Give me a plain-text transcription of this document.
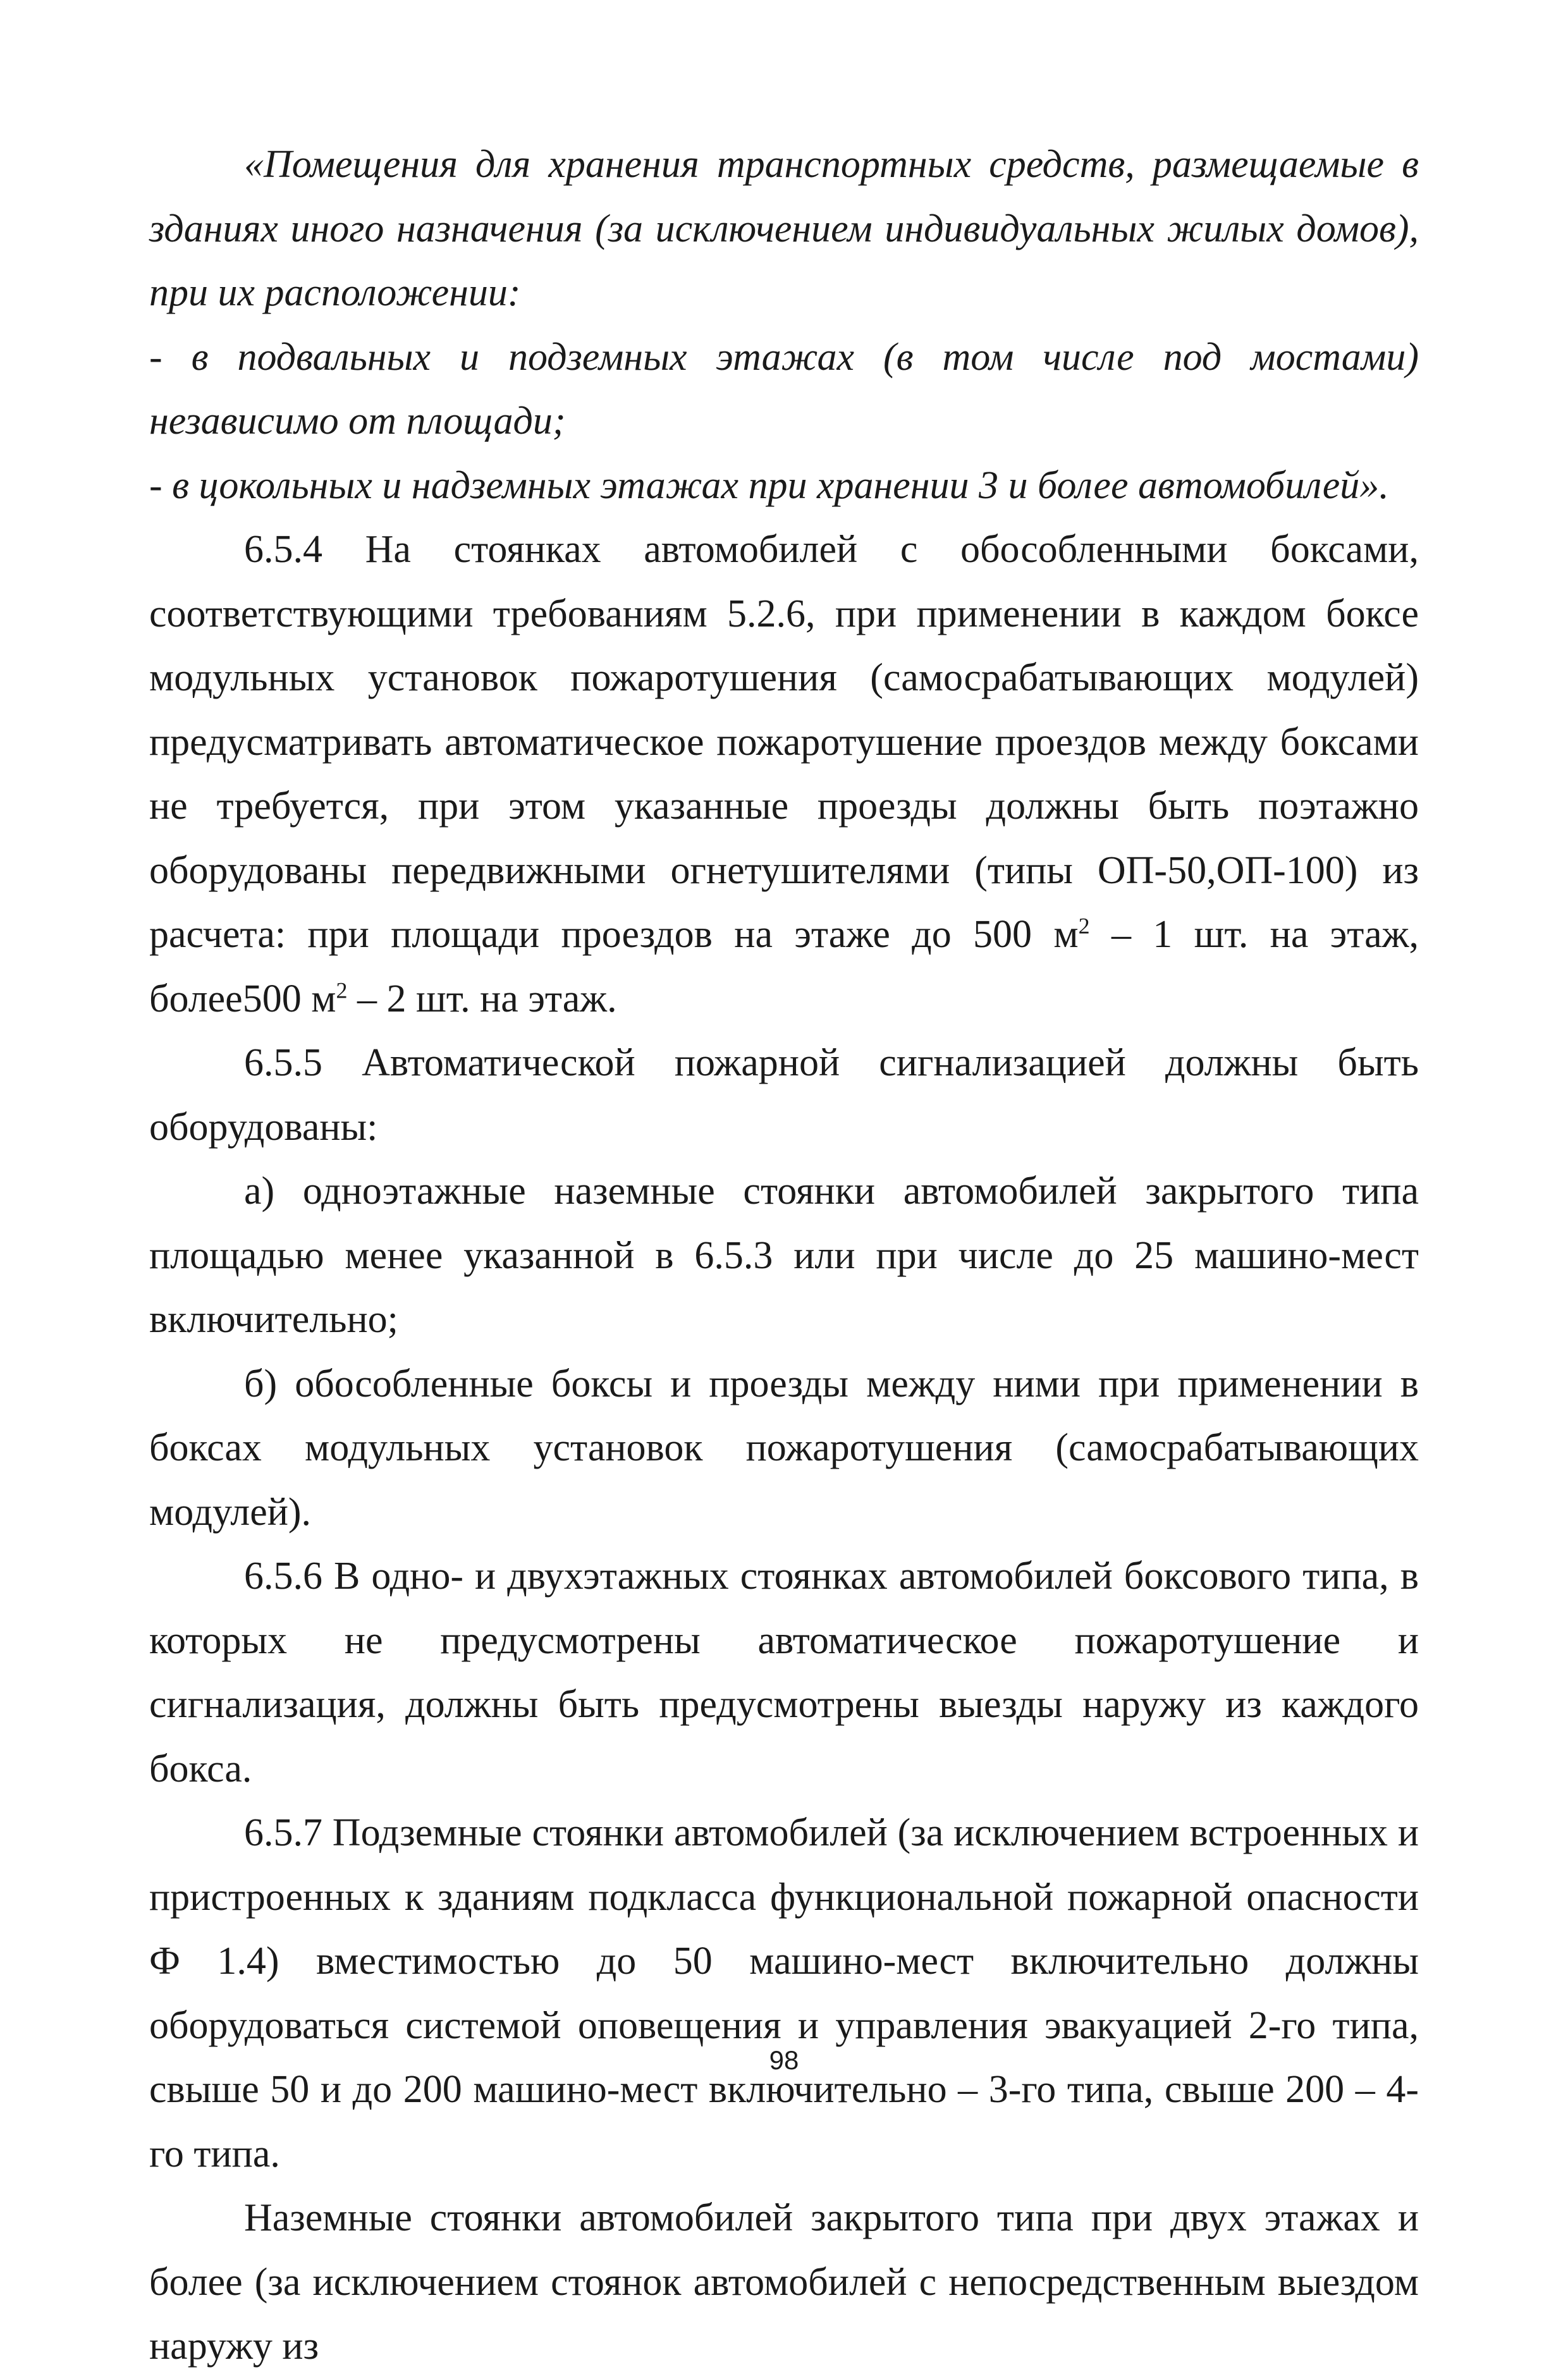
«Помещения для хранения транспортных средств, размещаемые в зданиях иного назначения (за исключением индивидуальных жилых домов), при их расположении:

- в подвальных и подземных этажах (в том числе под мостами) независимо от площади;

- в цокольных и надземных этажах при хранении 3 и более автомобилей».

6.5.4 На стоянках автомобилей с обособленными боксами, соответствующими требованиям 5.2.6, при применении в каждом боксе модульных установок пожаротушения (самосрабатывающих модулей) предусматривать автоматическое пожаротушение проездов между боксами не требуется, при этом указанные проезды должны быть поэтажно оборудованы передвижными огнетушителями (типы ОП-50,ОП-100) из расчета: при площади проездов на этаже до 500 $м^2 - 1$ шт. на этаж, более500 $м^2 - 2$ шт. на этаж.

6.5.5 Автоматической пожарной сигнализацией должны быть оборудованы:

а) одноэтажные наземные стоянки автомобилей закрытого типа площадью менее указанной в 6.5.3 или при числе до 25 машино-мест включительно;

б) обособленные боксы и проезды между ними при применении в боксах модульных установок пожаротушения (самосрабатывающих модулей).

6.5.6 В одно- и двухэтажных стоянках автомобилей боксового типа, в которых не предусмотрены автоматическое пожаротушение и сигнализация, должны быть предусмотрены выезды наружу из каждого бокса.

6.5.7 Подземные стоянки автомобилей (за исключением встроенных и пристроенных к зданиям подкласса функциональной пожарной опасности Ф 1.4) вместимостью до 50 машино-мест включительно должны оборудоваться системой оповещения и управления эвакуацией 2-го типа, свыше 50 и до 200 машино-мест включительно – 3-го типа, свыше 200 – 4-го типа.

Наземные стоянки автомобилей закрытого типа при двух этажах и более (за исключением стоянок автомобилей с непосредственным выездом наружу из

98
